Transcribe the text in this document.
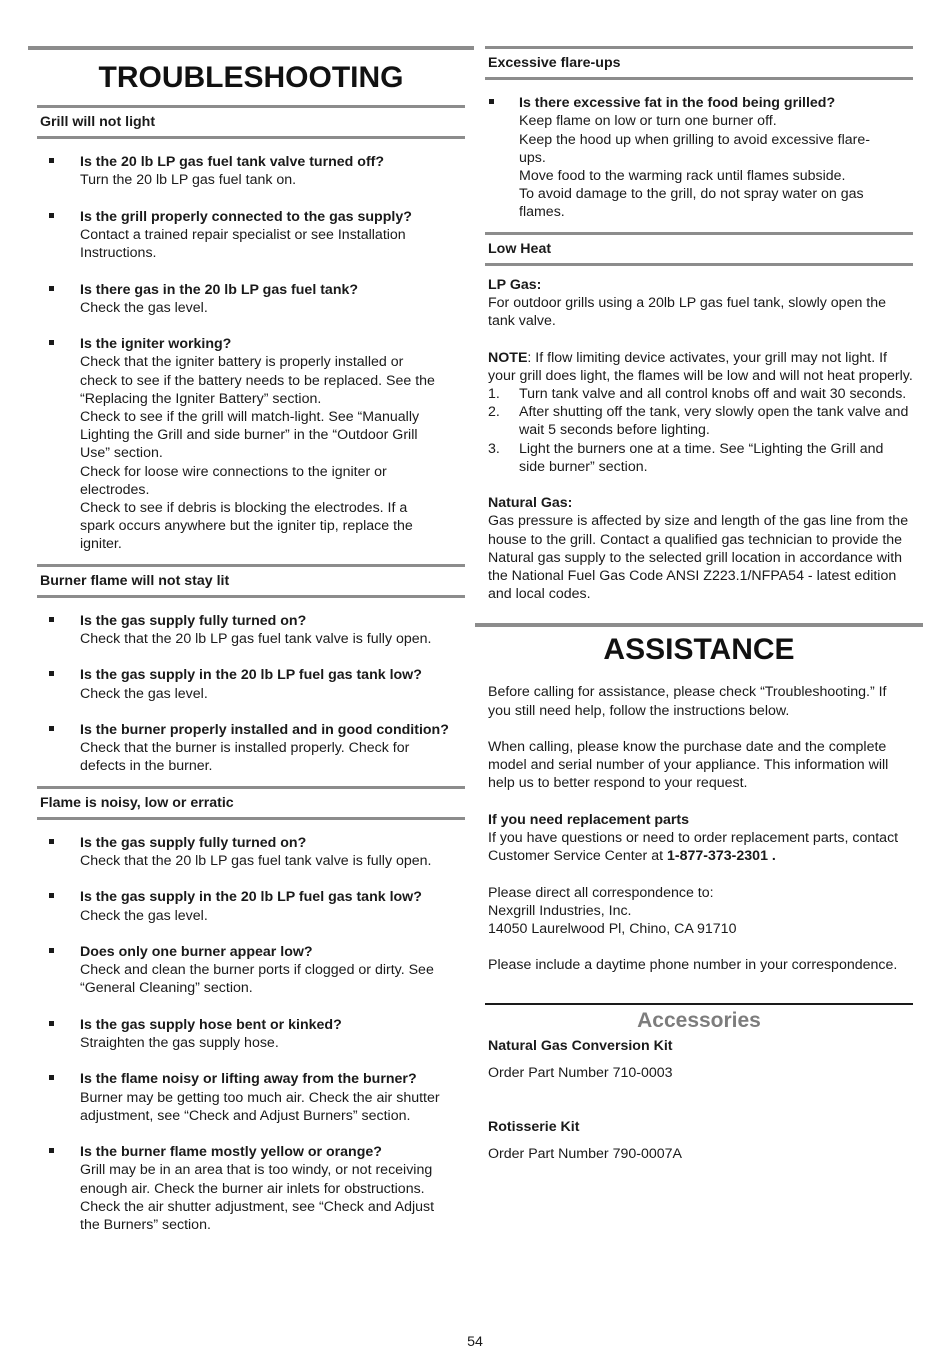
TROUBLESHOOTING
Grill will not light
Is the 20 lb LP gas fuel tank valve turned off?
Turn the 20 lb LP gas fuel tank on.
Is the grill properly connected to the gas supply?
Contact a trained repair specialist or see Installation
Instructions.
Is there gas in the 20 lb LP gas fuel tank?
Check the gas level.
Is the igniter working?
Check that the igniter battery is properly installed or
check to see if the battery needs to be replaced. See the
“Replacing the Igniter Battery” section.
Check to see if the grill will match-light. See “Manually
Lighting the Grill and side burner” in the “Outdoor Grill
Use” section.
Check for loose wire connections to the igniter or
electrodes.
Check to see if debris is blocking the electrodes. If a
spark occurs anywhere but the igniter tip, replace the
igniter.
Burner flame will not stay lit
Is the gas supply fully turned on?
Check that the 20 lb LP gas fuel tank valve is fully open.
Is the gas supply in the 20 lb LP fuel gas tank low?
Check the gas level.
Is the burner properly installed and in good condition?
Check that the burner is installed properly. Check for
defects in the burner.
Flame is noisy, low or erratic
Is the gas supply fully turned on?
Check that the 20 lb LP gas fuel tank valve is fully open.
Is the gas supply in the 20 lb LP fuel gas tank low?
Check the gas level.
Does only one burner appear low?
Check and clean the burner ports if clogged or dirty. See
“General Cleaning” section.
Is the gas supply hose bent or kinked?
Straighten the gas supply hose.
Is the flame noisy or lifting away from the burner?
Burner may be getting too much air. Check the air shutter
adjustment, see “Check and Adjust Burners” section.
Is the burner flame mostly yellow or orange?
Grill may be in an area that is too windy, or not receiving
enough air. Check the burner air inlets for obstructions.
Check the air shutter adjustment, see “Check and Adjust
the Burners” section.
Excessive flare-ups
Is there excessive fat in the food being grilled?
Keep flame on low or turn one burner off.
Keep the hood up when grilling to avoid excessive flare-
ups.
Move food to the warming rack until flames subside.
To avoid damage to the grill, do not spray water on gas
flames.
Low Heat
LP Gas:
For outdoor grills using a 20lb LP gas fuel tank, slowly open the tank valve.
NOTE: If flow limiting device activates, your grill may not light. If your grill does light, the flames will be low and will not heat properly.
1. Turn tank valve and all control knobs off and wait 30 seconds.
2. After shutting off the tank, very slowly open the tank valve and wait 5 seconds before lighting.
3. Light the burners one at a time. See “Lighting the Grill and side burner” section.
Natural Gas:
Gas pressure is affected by size and length of the gas line from the house to the grill. Contact a qualified gas technician to provide the Natural gas supply to the selected grill location in accordance with the National Fuel Gas Code ANSI Z223.1/NFPA54 - latest edition and local codes.
ASSISTANCE
Before calling for assistance, please check “Troubleshooting.” If you still need help, follow the instructions below.
When calling, please know the purchase date and the complete model and serial number of your appliance. This information will help us to better respond to your request.
If you need replacement parts
If you have questions or need to order replacement parts, contact Customer Service Center at 1-877-373-2301 .
Please direct all correspondence to:
Nexgrill Industries, Inc.
14050 Laurelwood Pl, Chino, CA 91710
Please include a daytime phone number in your correspondence.
Accessories
Natural Gas Conversion Kit
Order Part Number 710-0003
Rotisserie Kit
Order Part Number 790-0007A
54
